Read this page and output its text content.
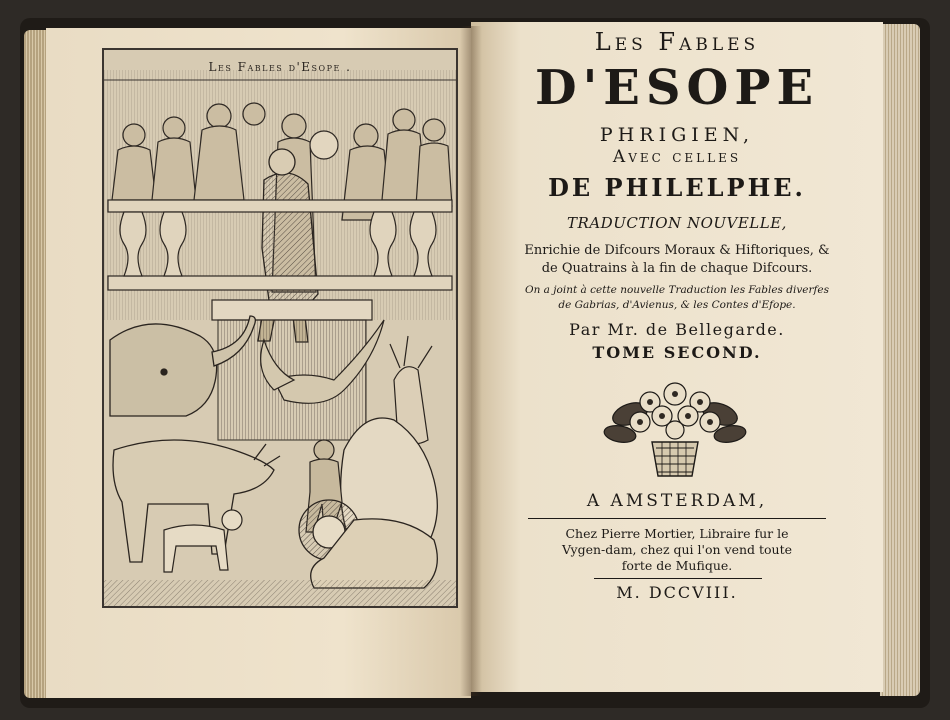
Les Fables d'Esope .
Les Fables
D'ESOPE
PHRIGIEN,
Avec celles
DE PHILELPHE.
TRADUCTION NOUVELLE,
Enrichie de Difcours Moraux & Hiftoriques, &
de Quatrains à la fin de chaque Difcours.
On a joint à cette nouvelle Traduction les Fables diverfes
de Gabrias, d'Avienus, & les Contes d'Efope.
Par Mr. de Bellegarde.
TOME SECOND.
A AMSTERDAM,
Chez Pierre Mortier, Libraire fur le
Vygen-dam, chez qui l'on vend toute
forte de Mufique.
M. DCCVIII.
